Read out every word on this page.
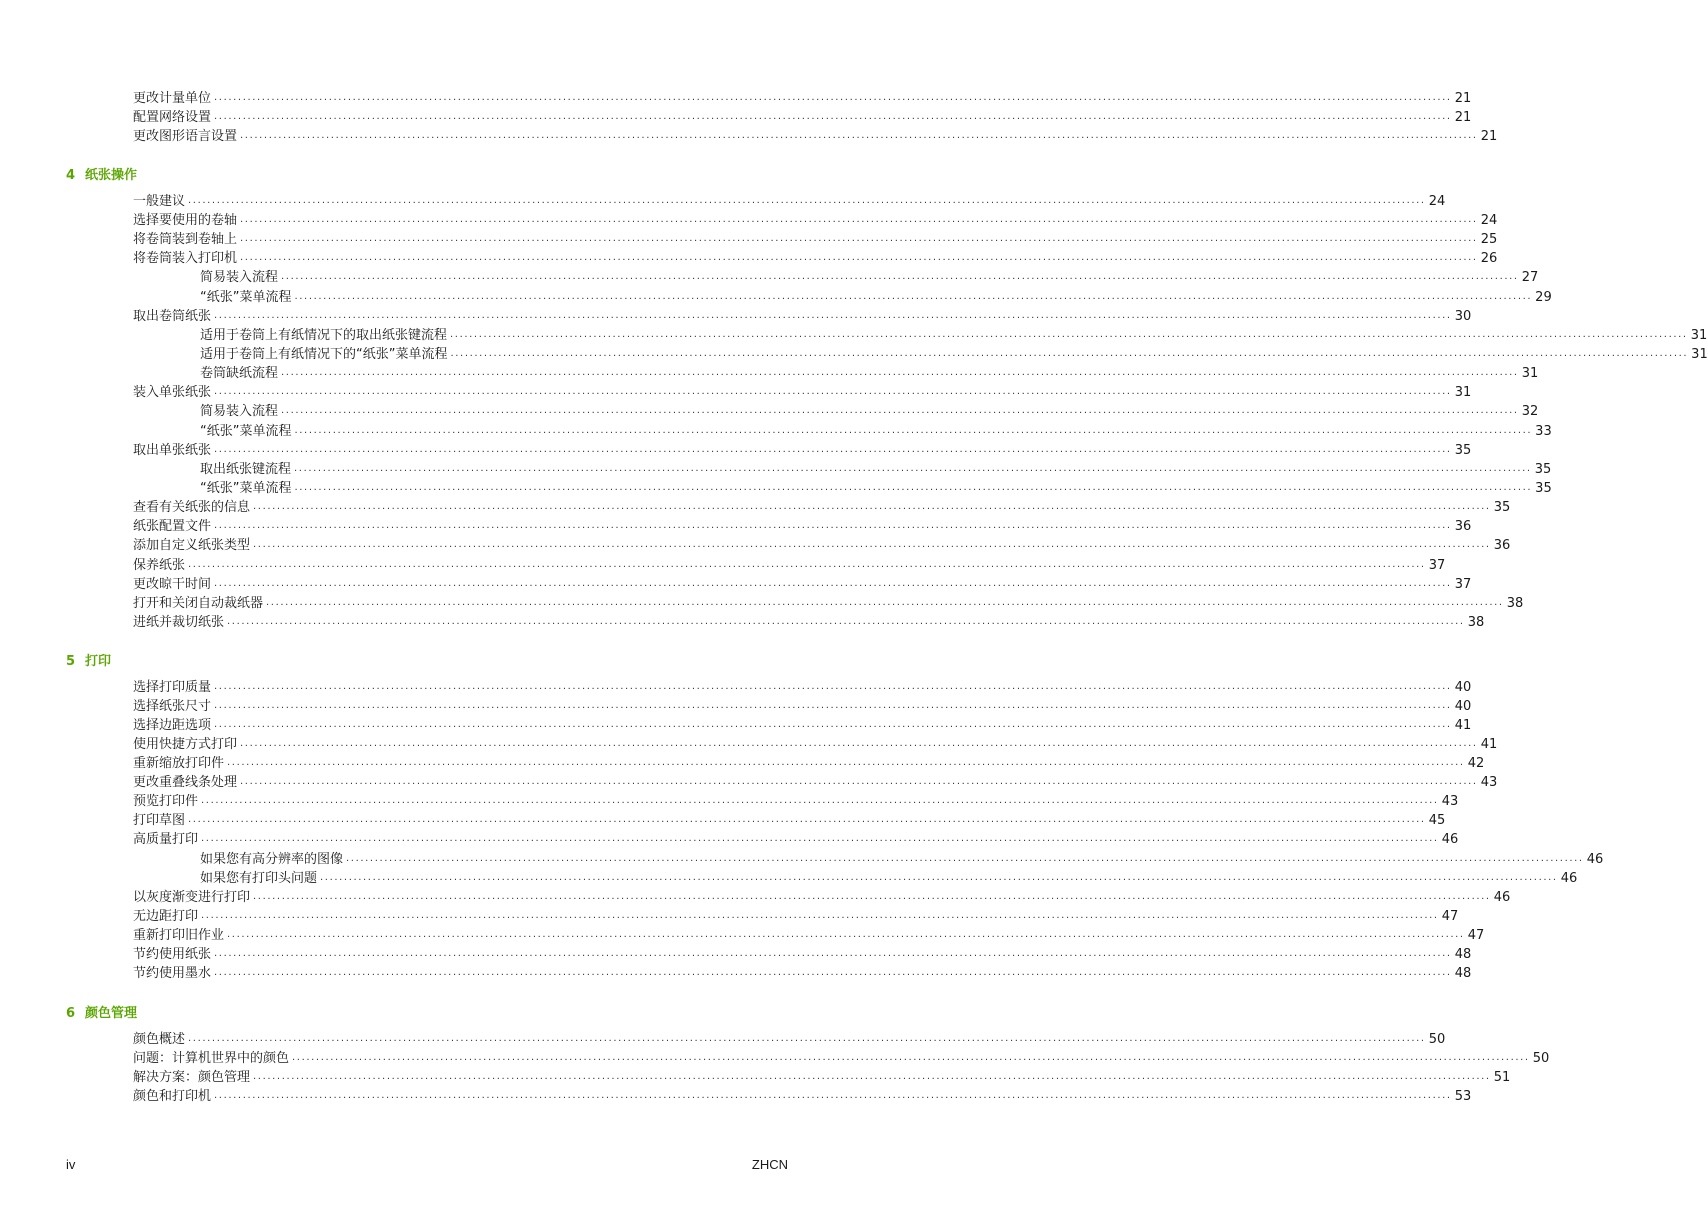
更改计量单位 ................................................................................................................................................................................................................................................................... 21
配置网络设置 ................................................................................................................................................................................................................................................................... 21
更改图形语言设置 ................................................................................................................................................................................................................................................................... 21
4 纸张操作
一般建议 ................................................................................................................................................................................................................................................................... 24
选择要使用的卷轴 ................................................................................................................................................................................................................................................................... 24
将卷筒装到卷轴上 ................................................................................................................................................................................................................................................................... 25
将卷筒装入打印机 ................................................................................................................................................................................................................................................................... 26
简易装入流程 ................................................................................................................................................................................................................................................................... 27
“纸张”菜单流程 ................................................................................................................................................................................................................................................................... 29
取出卷筒纸张 ................................................................................................................................................................................................................................................................... 30
适用于卷筒上有纸情况下的取出纸张键流程 ................................................................................................................................................................................................................................................................... 31
适用于卷筒上有纸情况下的“纸张”菜单流程 ................................................................................................................................................................................................................................................................... 31
卷筒缺纸流程 ................................................................................................................................................................................................................................................................... 31
装入单张纸张 ................................................................................................................................................................................................................................................................... 31
简易装入流程 ................................................................................................................................................................................................................................................................... 32
“纸张”菜单流程 ................................................................................................................................................................................................................................................................... 33
取出单张纸张 ................................................................................................................................................................................................................................................................... 35
取出纸张键流程 ................................................................................................................................................................................................................................................................... 35
“纸张”菜单流程 ................................................................................................................................................................................................................................................................... 35
查看有关纸张的信息 ................................................................................................................................................................................................................................................................... 35
纸张配置文件 ................................................................................................................................................................................................................................................................... 36
添加自定义纸张类型 ................................................................................................................................................................................................................................................................... 36
保养纸张 ................................................................................................................................................................................................................................................................... 37
更改晾干时间 ................................................................................................................................................................................................................................................................... 37
打开和关闭自动裁纸器 ................................................................................................................................................................................................................................................................... 38
进纸并裁切纸张 ................................................................................................................................................................................................................................................................... 38
5 打印
选择打印质量 ................................................................................................................................................................................................................................................................... 40
选择纸张尺寸 ................................................................................................................................................................................................................................................................... 40
选择边距选项 ................................................................................................................................................................................................................................................................... 41
使用快捷方式打印 ................................................................................................................................................................................................................................................................... 41
重新缩放打印件 ................................................................................................................................................................................................................................................................... 42
更改重叠线条处理 ................................................................................................................................................................................................................................................................... 43
预览打印件 ................................................................................................................................................................................................................................................................... 43
打印草图 ................................................................................................................................................................................................................................................................... 45
高质量打印 ................................................................................................................................................................................................................................................................... 46
如果您有高分辨率的图像 ................................................................................................................................................................................................................................................................... 46
如果您有打印头问题 ................................................................................................................................................................................................................................................................... 46
以灰度渐变进行打印 ................................................................................................................................................................................................................................................................... 46
无边距打印 ................................................................................................................................................................................................................................................................... 47
重新打印旧作业 ................................................................................................................................................................................................................................................................... 47
节约使用纸张 ................................................................................................................................................................................................................................................................... 48
节约使用墨水 ................................................................................................................................................................................................................................................................... 48
6 颜色管理
颜色概述 ................................................................................................................................................................................................................................................................... 50
问题：计算机世界中的颜色 ................................................................................................................................................................................................................................................................... 50
解决方案：颜色管理 ................................................................................................................................................................................................................................................................... 51
颜色和打印机 ................................................................................................................................................................................................................................................................... 53
iv	ZHCN
